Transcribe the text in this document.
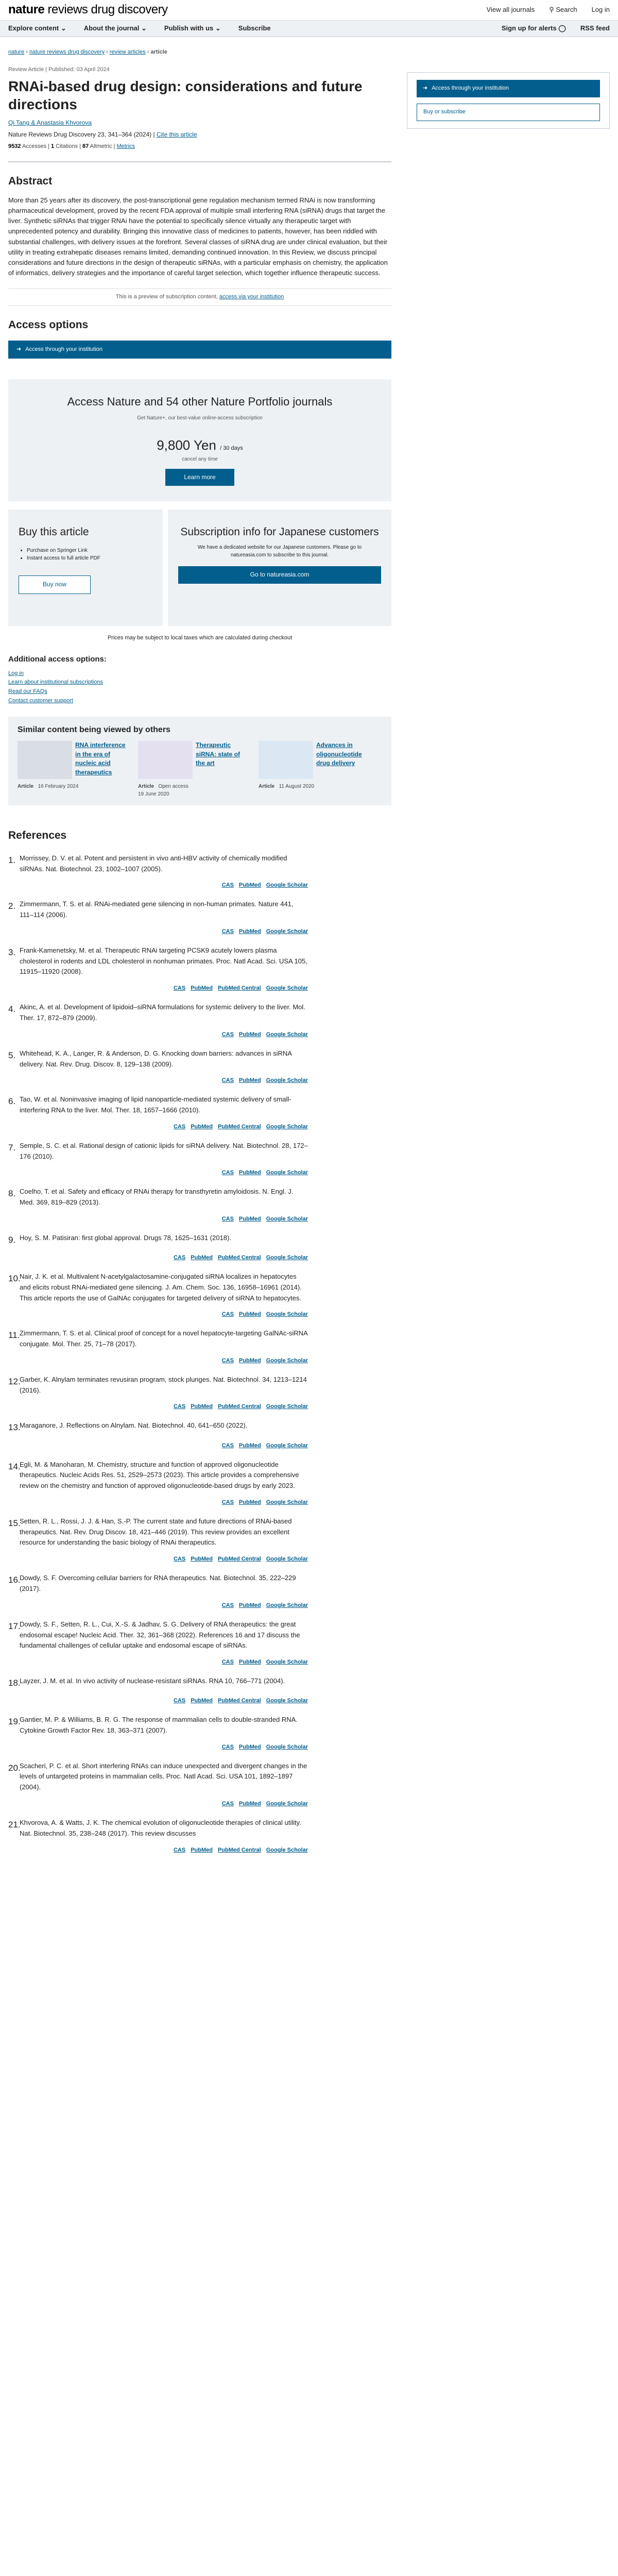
nature reviews drug discovery	View all journals ⚲ Search Log in
Explore content ⌄	About the journal ⌄	Publish with us ⌄	Subscribe	Sign up for alerts ◯ RSS feed
nature › nature reviews drug discovery › review articles › article
Review Article | Published: 03 April 2024
RNAi-based drug design: considerations and future directions
Qi Tang & Anastasia Khvorova
Nature Reviews Drug Discovery 23, 341–364 (2024) | Cite this article
9532 Accesses | 1 Citations | 87 Altmetric | Metrics
Abstract

More than 25 years after its discovery, the post-transcriptional gene regulation mechanism termed RNAi is now transforming pharmaceutical development, proved by the recent FDA approval of multiple small interfering RNA (siRNA) drugs that target the liver. Synthetic siRNAs that trigger RNAi have the potential to specifically silence virtually any therapeutic target with unprecedented potency and durability. Bringing this innovative class of medicines to patients, however, has been riddled with substantial challenges, with delivery issues at the forefront. Several classes of siRNA drug are under clinical evaluation, but their utility in treating extrahepatic diseases remains limited, demanding continued innovation. In this Review, we discuss principal considerations and future directions in the design of therapeutic siRNAs, with a particular emphasis on chemistry, the application of informatics, delivery strategies and the importance of careful target selection, which together influence therapeutic success.

This is a preview of subscription content, access via your institution
Access options
➜ Access through your institution
Access Nature and 54 other Nature Portfolio journals
Get Nature+, our best-value online-access subscription
9,800 Yen / 30 days
cancel any time
Learn more
Buy this article
• Purchase on Springer Link
• Instant access to full article PDF
Buy now
Subscription info for Japanese customers

We have a dedicated website for our Japanese customers. Please go to natureasia.com to subscribe to this journal.

Go to natureasia.com

Prices may be subject to local taxes which are calculated during checkout

Additional access options:
Log in
Learn about institutional subscriptions
Read our FAQs
Contact customer support
Similar content being viewed by others
RNA interference in the era of nucleic acid therapeutics
Article 16 February 2024
Therapeutic siRNA: state of the art
Article Open access
19 June 2020
Advances in oligonucleotide drug delivery
Article 11 August 2020
References
1. Morrissey, D. V. et al. Potent and persistent in vivo anti-HBV activity of chemically modified siRNAs. Nat. Biotechnol. 23, 1002–1007 (2005).
CAS PubMed Google Scholar
2. Zimmermann, T. S. et al. RNAi-mediated gene silencing in non-human primates. Nature 441, 111–114 (2006).
CAS PubMed Google Scholar
3. Frank-Kamenetsky, M. et al. Therapeutic RNAi targeting PCSK9 acutely lowers plasma cholesterol in rodents and LDL cholesterol in nonhuman primates. Proc. Natl Acad. Sci. USA 105, 11915–11920 (2008).
CAS PubMed PubMed Central Google Scholar
4. Akinc, A. et al. Development of lipidoid–siRNA formulations for systemic delivery to the liver. Mol. Ther. 17, 872–879 (2009).
CAS PubMed Google Scholar
5. Whitehead, K. A., Langer, R. & Anderson, D. G. Knocking down barriers: advances in siRNA delivery. Nat. Rev. Drug. Discov. 8, 129–138 (2009).
CAS PubMed Google Scholar
6. Tao, W. et al. Noninvasive imaging of lipid nanoparticle-mediated systemic delivery of small-interfering RNA to the liver. Mol. Ther. 18, 1657–1666 (2010).
CAS PubMed PubMed Central Google Scholar
7. Semple, S. C. et al. Rational design of cationic lipids for siRNA delivery. Nat. Biotechnol. 28, 172–176 (2010).
CAS PubMed Google Scholar
8. Coelho, T. et al. Safety and efficacy of RNAi therapy for transthyretin amyloidosis. N. Engl. J. Med. 369, 819–829 (2013).
CAS PubMed Google Scholar
9. Hoy, S. M. Patisiran: first global approval. Drugs 78, 1625–1631 (2018).
CAS PubMed PubMed Central Google Scholar
10.
Nair, J. K. et al. Multivalent N-acetylgalactosamine-conjugated siRNA localizes in hepatocytes and elicits robust RNAi-mediated gene silencing. J. Am. Chem. Soc. 136, 16958–16961 (2014). This article reports the use of GalNAc conjugates for targeted delivery of siRNA to hepatocytes.
CAS PubMed Google Scholar
11. Zimmermann, T. S. et al. Clinical proof of concept for a novel hepatocyte-targeting GalNAc-siRNA conjugate. Mol. Ther. 25, 71–78 (2017).
CAS PubMed Google Scholar
12.
Garber, K. Alnylam terminates revusiran program, stock plunges. Nat. Biotechnol. 34, 1213–1214 (2016).
CAS PubMed PubMed Central Google Scholar
13.
Maraganore, J. Reflections on Alnylam. Nat. Biotechnol. 40, 641–650 (2022).
CAS PubMed Google Scholar
14.
Egli, M. & Manoharan, M. Chemistry, structure and function of approved oligonucleotide therapeutics. Nucleic Acids Res. 51, 2529–2573 (2023). This article provides a comprehensive review on the chemistry and function of approved oligonucleotide-based drugs by early 2023.
CAS PubMed Google Scholar
15.
Setten, R. L., Rossi, J. J. & Han, S.-P. The current state and future directions of RNAi-based therapeutics. Nat. Rev. Drug Discov. 18, 421–446 (2019). This review provides an excellent resource for understanding the basic biology of RNAi therapeutics.
CAS PubMed PubMed Central Google Scholar
16.
Dowdy, S. F. Overcoming cellular barriers for RNA therapeutics. Nat. Biotechnol. 35, 222–229 (2017).
CAS PubMed Google Scholar
17.
Dowdy, S. F., Setten, R. L., Cui, X.-S. & Jadhav, S. G. Delivery of RNA therapeutics: the great endosomal escape! Nucleic Acid. Ther. 32, 361–368 (2022). References 16 and 17 discuss the fundamental challenges of cellular uptake and endosomal escape of siRNAs.
CAS PubMed Google Scholar
18.
Layzer, J. M. et al. In vivo activity of nuclease-resistant siRNAs. RNA 10, 766–771 (2004).
CAS PubMed PubMed Central Google Scholar
19.
Gantier, M. P. & Williams, B. R. G. The response of mammalian cells to double-stranded RNA. Cytokine Growth Factor Rev. 18, 363–371 (2007).
CAS PubMed Google Scholar
20.
Scacheri, P. C. et al. Short interfering RNAs can induce unexpected and divergent changes in the levels of untargeted proteins in mammalian cells. Proc. Natl Acad. Sci. USA 101, 1892–1897 (2004).
CAS PubMed Google Scholar
21.
Khvorova, A. & Watts, J. K. The chemical evolution of oligonucleotide therapies of clinical utility. Nat. Biotechnol. 35, 238–248 (2017). This review discusses
CAS PubMed PubMed Central Google Scholar
➜ Access through your institution
Buy or subscribe
